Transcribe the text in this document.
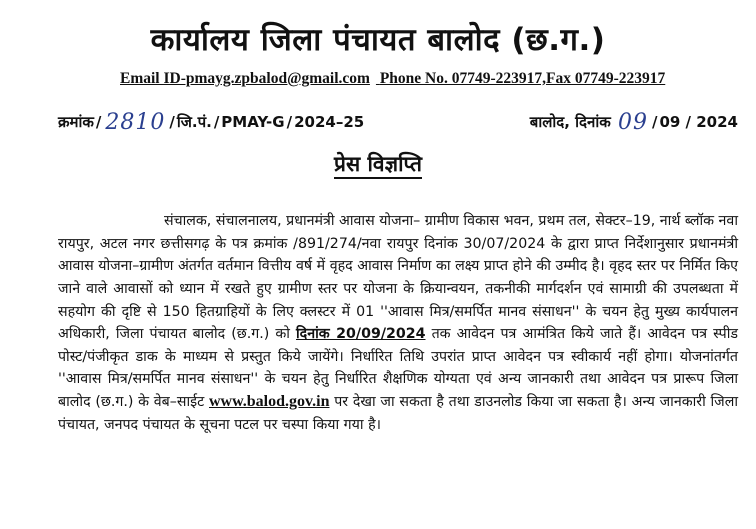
कार्यालय जिला पंचायत बालोद (छ.ग.)
Email ID-pmayg.zpbalod@gmail.com Phone No. 07749-223917,Fax 07749-223917
क्रमांक / 2810 / जि.पं. / PMAY-G / 2024–25	बालोद, दिनांक 09 / 09 / 2024
प्रेस विज्ञप्ति

संचालक, संचालनालय, प्रधानमंत्री आवास योजना– ग्रामीण विकास भवन, प्रथम तल, सेक्टर–19, नार्थ ब्लॉक नवा रायपुर, अटल नगर छत्तीसगढ़ के पत्र क्रमांक /891/274/नवा रायपुर दिनांक 30/07/2024 के द्वारा प्राप्त निर्देशानुसार प्रधानमंत्री आवास योजना–ग्रामीण अंतर्गत वर्तमान वित्तीय वर्ष में वृहद आवास निर्माण का लक्ष्य प्राप्त होने की उम्मीद है। वृहद स्तर पर निर्मित किए जाने वाले आवासों को ध्यान में रखते हुए ग्रामीण स्तर पर योजना के क्रियान्वयन, तकनीकी मार्गदर्शन एवं सामाग्री की उपलब्धता में सहयोग की दृष्टि से 150 हितग्राहियों के लिए क्लस्टर में 01 ''आवास मित्र/समर्पित मानव संसाधन'' के चयन हेतु मुख्य कार्यपालन अधिकारी, जिला पंचायत बालोद (छ.ग.) को दिनांक 20/09/2024 तक आवेदन पत्र आमंत्रित किये जाते हैं। आवेदन पत्र स्पीड पोस्ट/पंजीकृत डाक के माध्यम से प्रस्तुत किये जायेंगे। निर्धारित तिथि उपरांत प्राप्त आवेदन पत्र स्वीकार्य नहीं होगा। योजनांतर्गत ''आवास मित्र/समर्पित मानव संसाधन'' के चयन हेतु निर्धारित शैक्षणिक योग्यता एवं अन्य जानकारी तथा आवेदन पत्र प्रारूप जिला बालोद (छ.ग.) के वेब–साईट www.balod.gov.in पर देखा जा सकता है तथा डाउनलोड किया जा सकता है। अन्य जानकारी जिला पंचायत, जनपद पंचायत के सूचना पटल पर चस्पा किया गया है।
